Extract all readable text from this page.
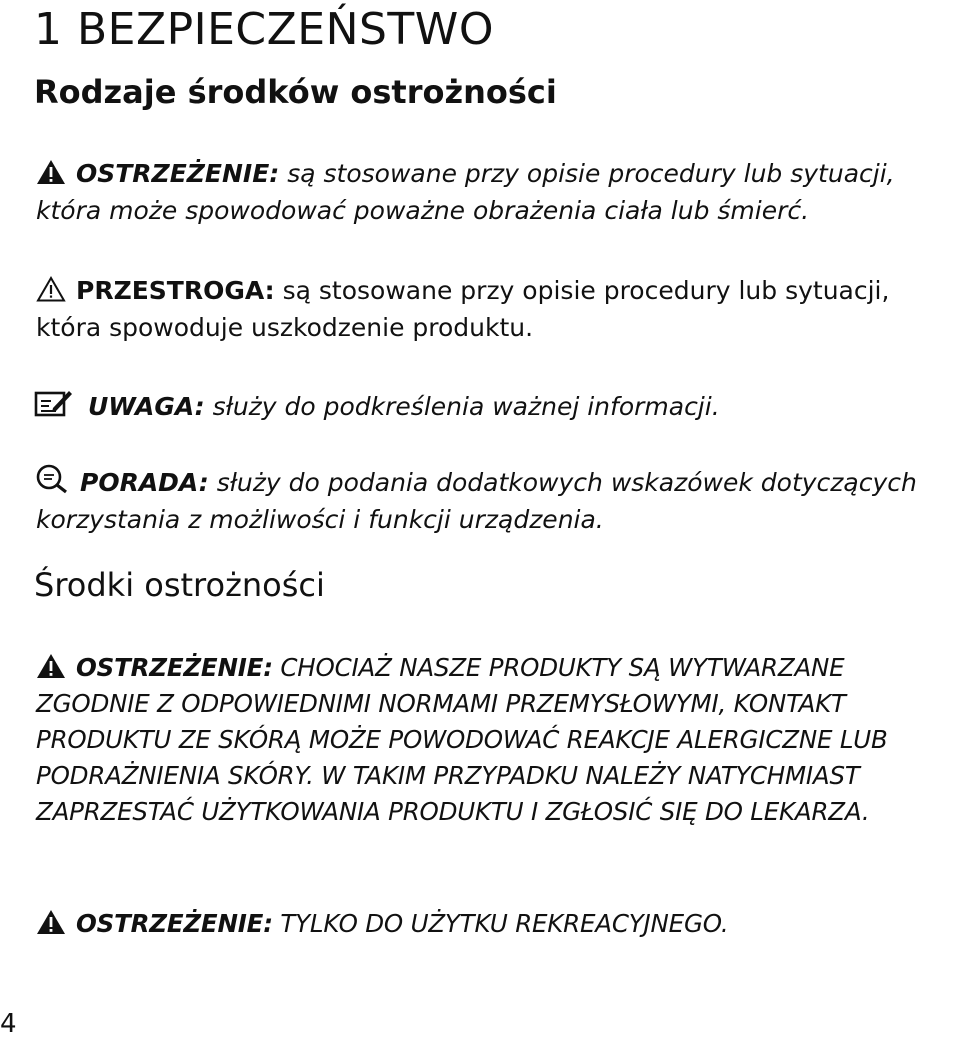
1 BEZPIECZEŃSTWO
Rodzaje środków ostrożności

OSTRZEŻENIE: są stosowane przy opisie procedury lub sytuacji, która może spowodować poważne obrażenia ciała lub śmierć.

PRZESTROGA: są stosowane przy opisie procedury lub sytuacji, która spowoduje uszkodzenie produktu.

UWAGA: służy do podkreślenia ważnej informacji.

PORADA: służy do podania dodatkowych wskazówek dotyczących korzystania z możliwości i funkcji urządzenia.

Środki ostrożności

OSTRZEŻENIE: CHOCIAŻ NASZE PRODUKTY SĄ WYTWARZANE ZGODNIE Z ODPOWIEDNIMI NORMAMI PRZEMYSŁOWYMI, KONTAKT PRODUKTU ZE SKÓRĄ MOŻE POWODOWAĆ REAKCJE ALERGICZNE LUB PODRAŻNIENIA SKÓRY. W TAKIM PRZYPADKU NALEŻY NATYCHMIAST ZAPRZESTAĆ UŻYTKOWANIA PRODUKTU I ZGŁOSIĆ SIĘ DO LEKARZA.

OSTRZEŻENIE: TYLKO DO UŻYTKU REKREACYJNEGO.

4
